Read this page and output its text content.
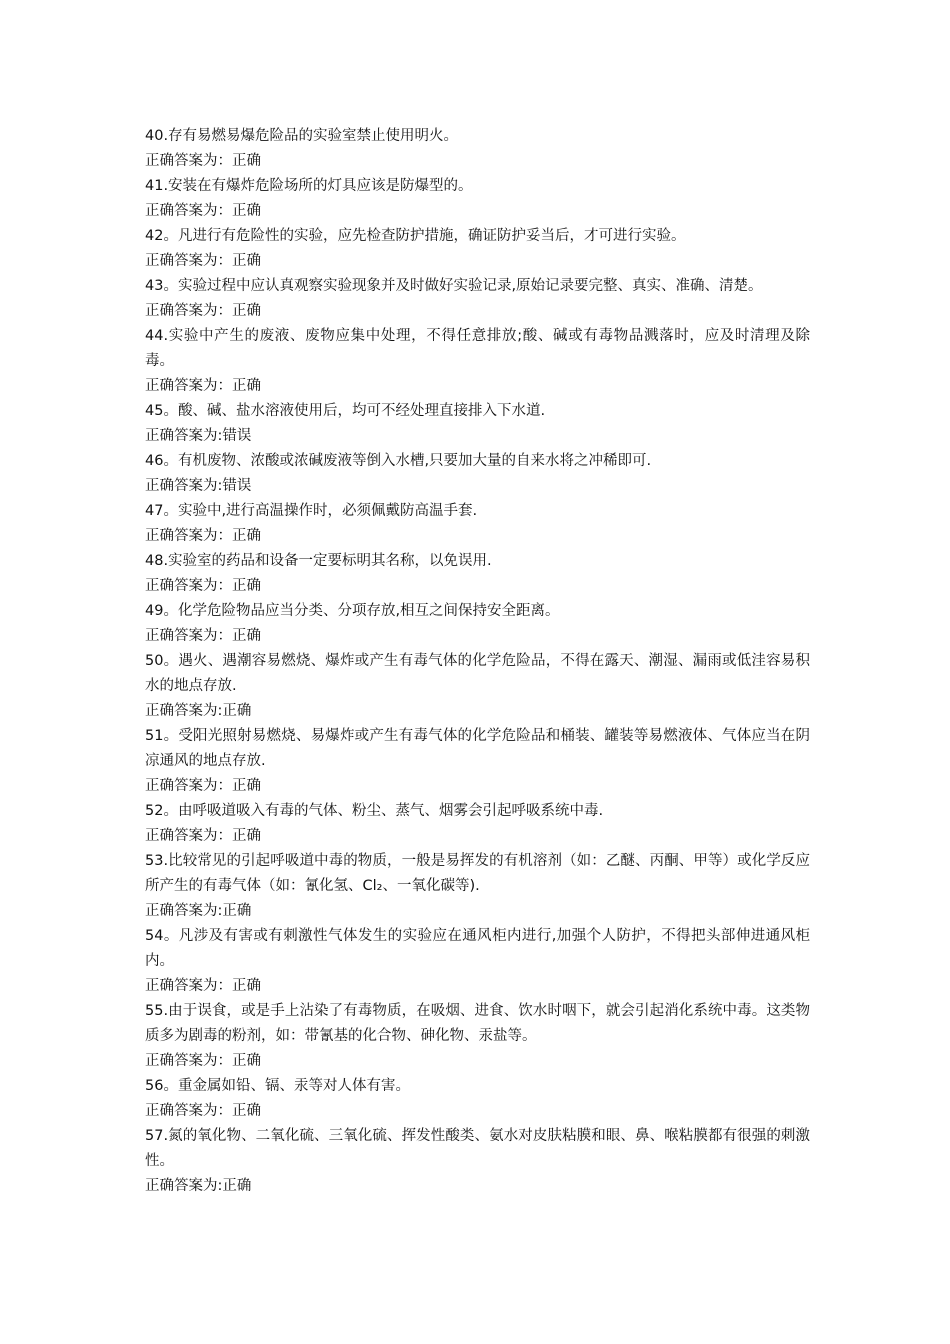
40.存有易燃易爆危险品的实验室禁止使用明火。
正确答案为：正确
41.安装在有爆炸危险场所的灯具应该是防爆型的。
正确答案为：正确
42。凡进行有危险性的实验，应先检查防护措施，确证防护妥当后，才可进行实验。
正确答案为：正确
43。实验过程中应认真观察实验现象并及时做好实验记录,原始记录要完整、真实、准确、清楚。
正确答案为：正确
44.实验中产生的废液、废物应集中处理，不得任意排放;酸、碱或有毒物品溅落时，应及时清理及除毒。
正确答案为：正确
45。酸、碱、盐水溶液使用后，均可不经处理直接排入下水道.
正确答案为:错误
46。有机废物、浓酸或浓碱废液等倒入水槽,只要加大量的自来水将之冲稀即可.
正确答案为:错误
47。实验中,进行高温操作时，必须佩戴防高温手套.
正确答案为：正确
48.实验室的药品和设备一定要标明其名称，以免误用.
正确答案为：正确
49。化学危险物品应当分类、分项存放,相互之间保持安全距离。
正确答案为：正确
50。遇火、遇潮容易燃烧、爆炸或产生有毒气体的化学危险品，不得在露天、潮湿、漏雨或低洼容易积水的地点存放.
正确答案为:正确
51。受阳光照射易燃烧、易爆炸或产生有毒气体的化学危险品和桶装、罐装等易燃液体、气体应当在阴凉通风的地点存放.
正确答案为：正确
52。由呼吸道吸入有毒的气体、粉尘、蒸气、烟雾会引起呼吸系统中毒.
正确答案为：正确
53.比较常见的引起呼吸道中毒的物质，一般是易挥发的有机溶剂（如：乙醚、丙酮、甲等）或化学反应所产生的有毒气体（如：氰化氢、Cl₂、一氧化碳等).
正确答案为:正确
54。凡涉及有害或有刺激性气体发生的实验应在通风柜内进行,加强个人防护，不得把头部伸进通风柜内。
正确答案为：正确
55.由于误食，或是手上沾染了有毒物质，在吸烟、进食、饮水时咽下，就会引起消化系统中毒。这类物质多为剧毒的粉剂，如：带氰基的化合物、砷化物、汞盐等。
正确答案为：正确
56。重金属如铅、镉、汞等对人体有害。
正确答案为：正确
57.氮的氧化物、二氧化硫、三氧化硫、挥发性酸类、氨水对皮肤粘膜和眼、鼻、喉粘膜都有很强的刺激性。
正确答案为:正确
